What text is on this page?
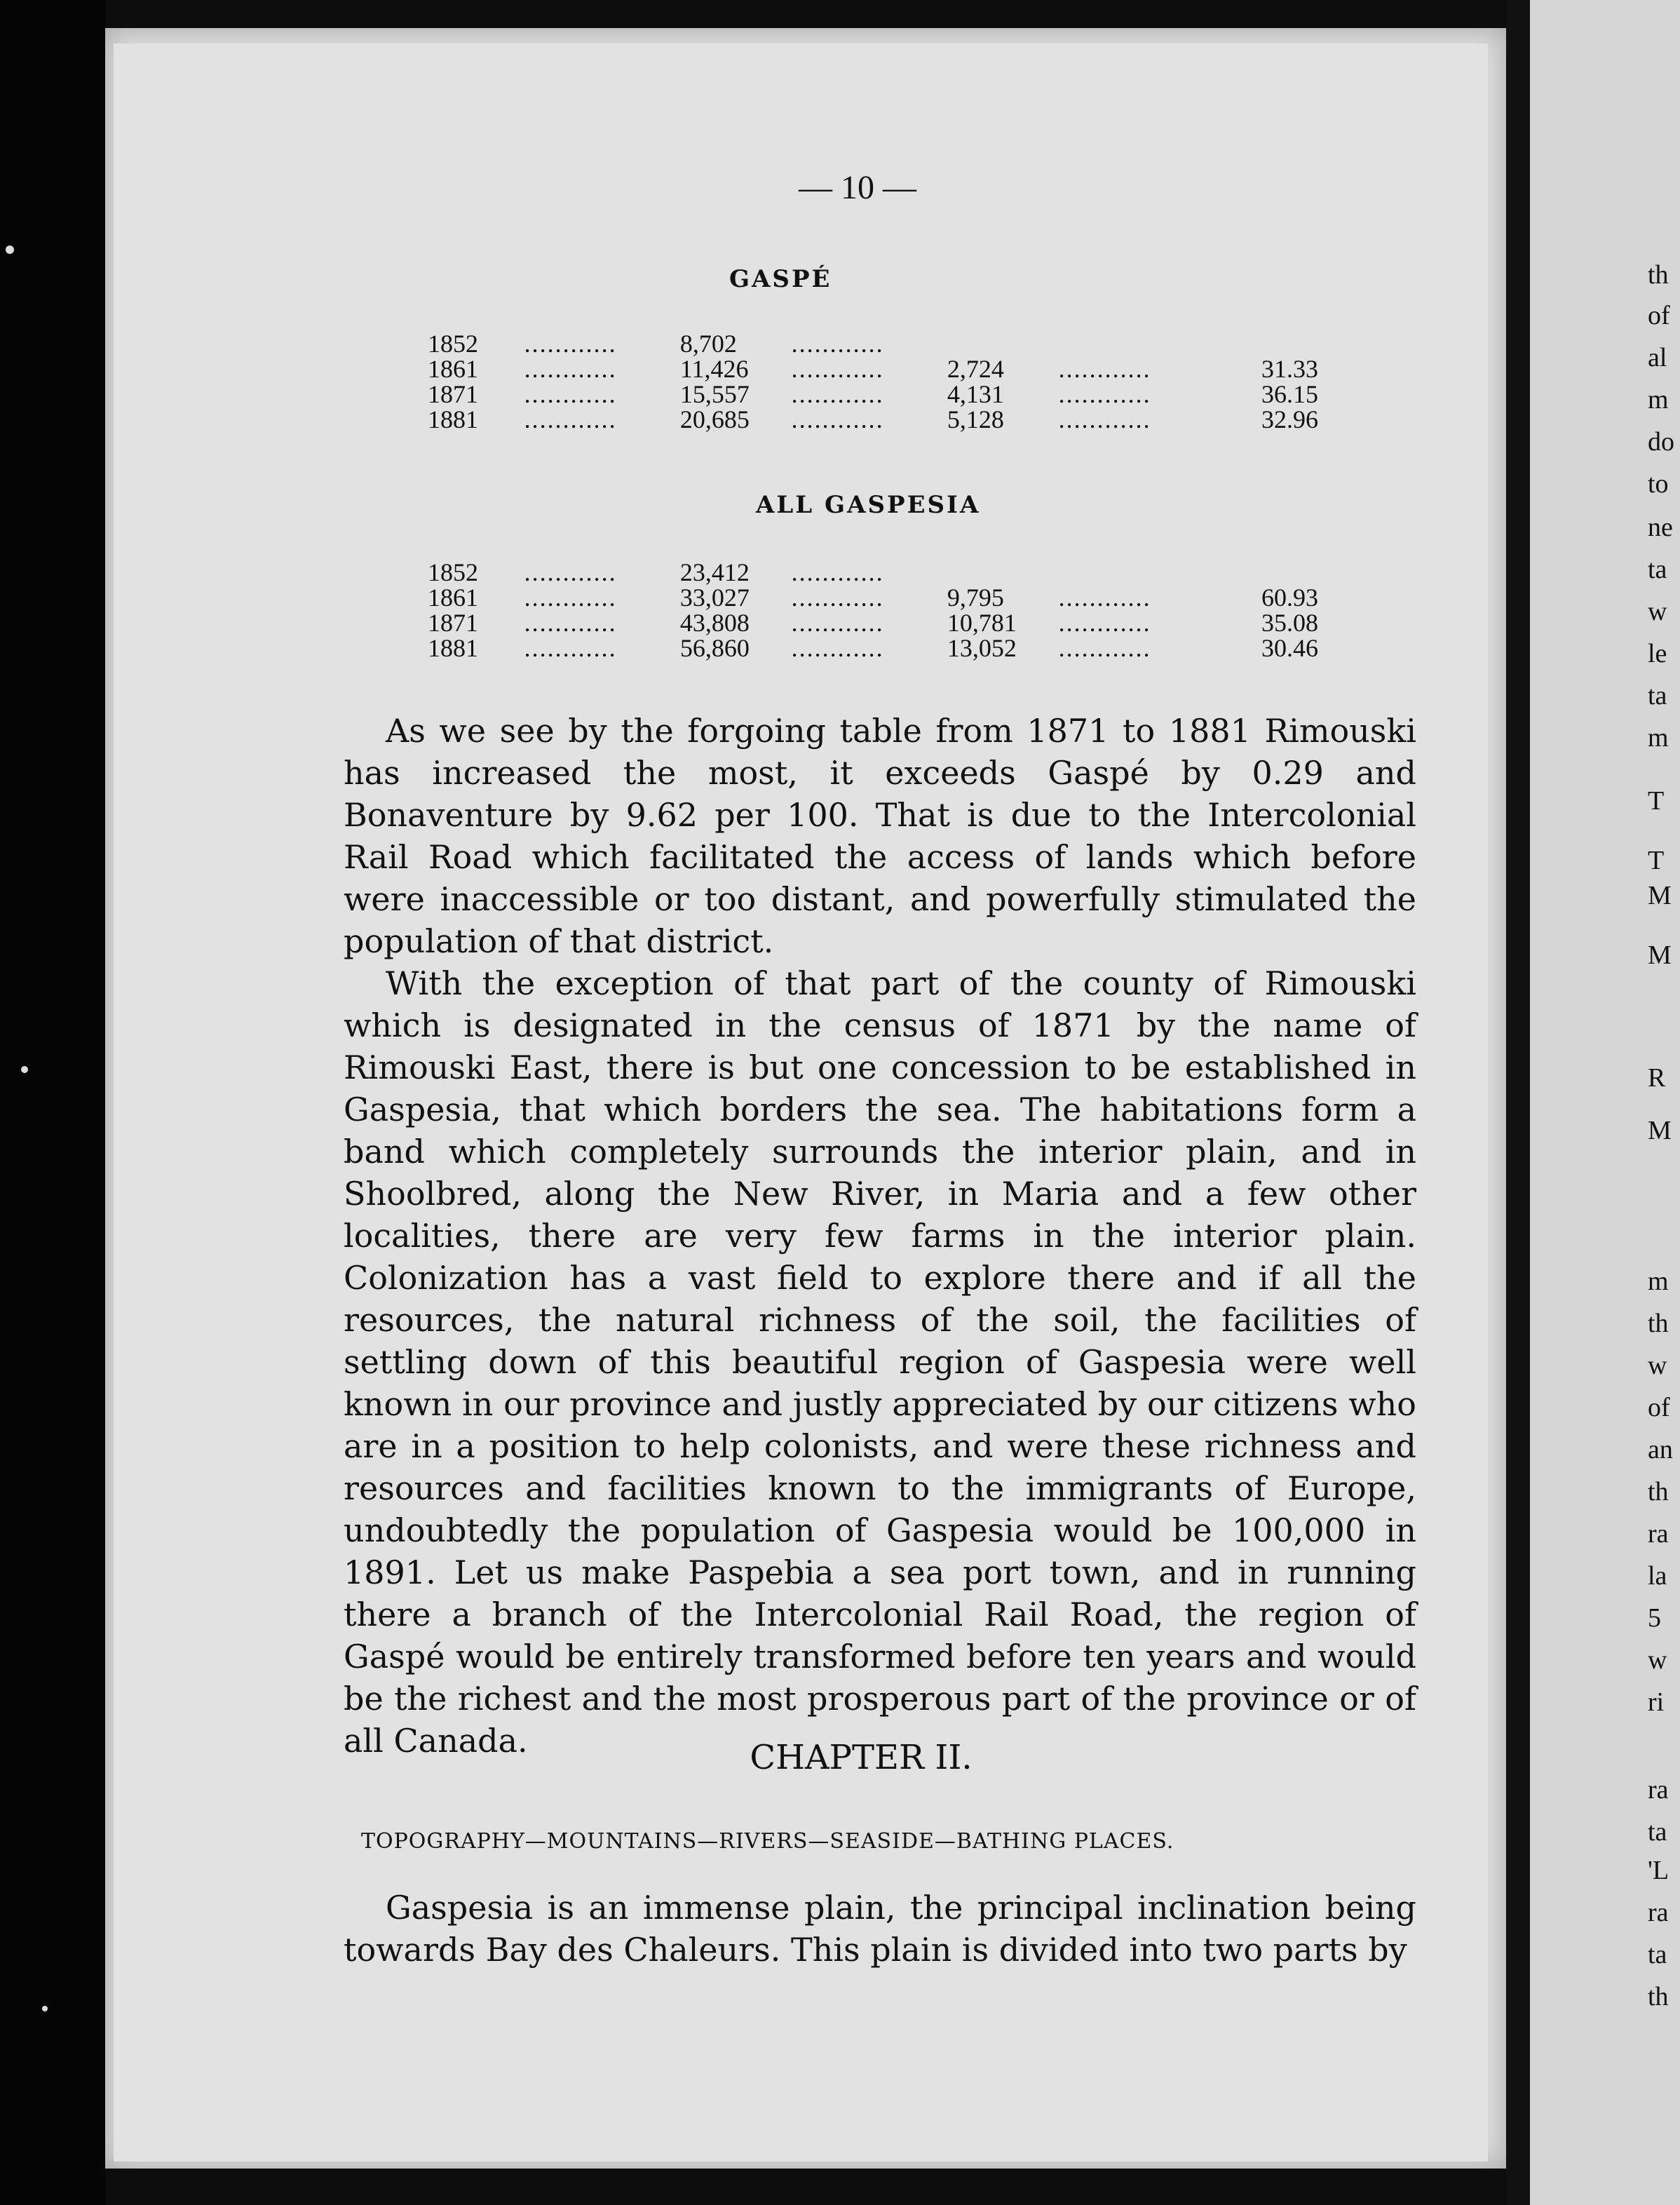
th
of
al
m
do
to
ne
ta
w
le
ta
m
T
T
M
M
R
M
m
th
w
of
an
th
ra
la
5
w
ri
ra
ta
'L
ra
ta
th
— 10 —
GASPÉ
1852	............	8,702	............			
1861	............	11,426	............	2,724	............	31.33
1871	............	15,557	............	4,131	............	36.15
1881	............	20,685	............	5,128	............	32.96
ALL GASPESIA
1852	............	23,412	............			
1861	............	33,027	............	9,795	............	60.93
1871	............	43,808	............	10,781	............	35.08
1881	............	56,860	............	13,052	............	30.46

As we see by the forgoing table from 1871 to 1881 Rimouski has increased the most, it exceeds Gaspé by 0.29 and Bonaventure by 9.62 per 100. That is due to the Intercolonial Rail Road which facilitated the access of lands which before were inaccessible or too distant, and powerfully stimulated the population of that district.

With the exception of that part of the county of Rimouski which is designated in the census of 1871 by the name of Rimouski East, there is but one concession to be established in Gaspesia, that which borders the sea. The habitations form a band which completely surrounds the interior plain, and in Shoolbred, along the New River, in Maria and a few other localities, there are very few farms in the interior plain. Colonization has a vast field to explore there and if all the resources, the natural richness of the soil, the facilities of settling down of this beautiful region of Gaspesia were well known in our province and justly appreciated by our citizens who are in a position to help colonists, and were these richness and resources and facilities known to the immigrants of Europe, undoubtedly the population of Gaspesia would be 100,000 in 1891. Let us make Paspebia a sea port town, and in running there a branch of the Intercolonial Rail Road, the region of Gaspé would be entirely transformed before ten years and would be the richest and the most prosperous part of the province or of all Canada.	CHAPTER II.
TOPOGRAPHY—MOUNTAINS—RIVERS—SEASIDE—BATHING PLACES.

Gaspesia is an immense plain, the principal inclination being towards Bay des Chaleurs. This plain is divided into two parts by
